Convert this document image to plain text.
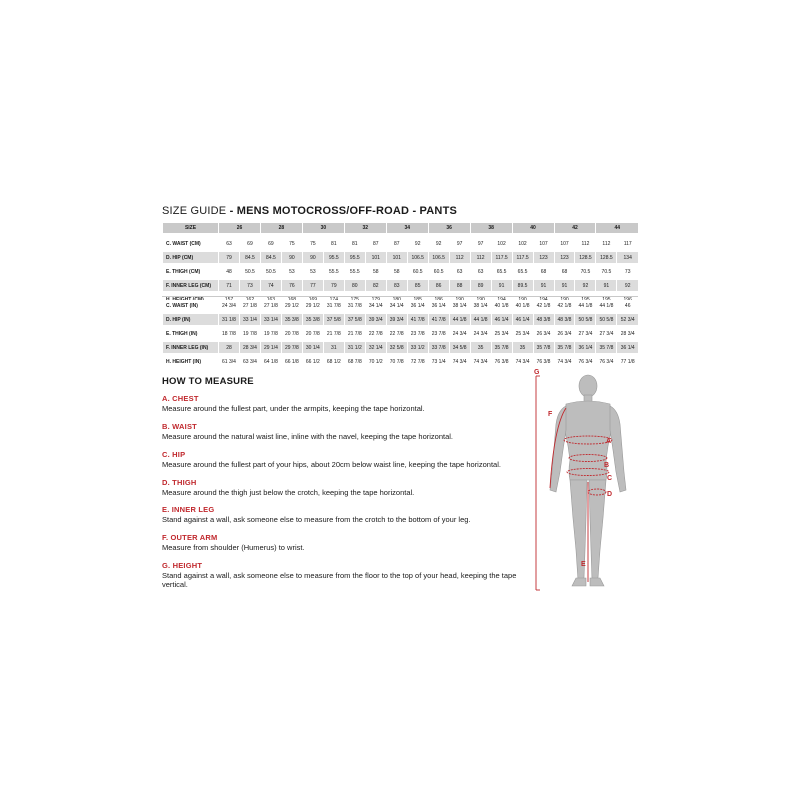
SIZE GUIDE - MENS MOTOCROSS/OFF-ROAD - PANTS
SIZE	26	28	30	32	34	36	38	40	42	44
C. WAIST (CM)	63	69	69	75	75	81	81	87	87	92	92	97	97	102	102	107	107	112	112	117

D. HIP (CM)	79	84.5	84.5	90	90	95.5	95.5	101	101	106.5	106.5	112	112	117.5	117.5	123	123	128.5	128.5	134

E. THIGH (CM)	48	50.5	50.5	53	53	55.5	55.5	58	58	60.5	60.5	63	63	65.5	65.5	68	68	70.5	70.5	73

F. INNER LEG (CM)	71	73	74	76	77	79	80	82	83	85	86	88	89	91	89.5	91	91	92	91	92

C. WAIST (IN)	24 3/4	27 1/8	27 1/8	29 1/2	29 1/2	31 7/8	31 7/8	34 1/4	34 1/4	36 1/4	36 1/4	38 1/4	38 1/4	40 1/8	40 1/8	42 1/8	42 1/8	44 1/8	44 1/8	46

D. HIP (IN)	31 1/8	33 1/4	33 1/4	35 3/8	35 3/8	37 5/8	37 5/8	39 3/4	39 3/4	41 7/8	41 7/8	44 1/8	44 1/8	46 1/4	46 1/4	48 3/8	48 3/8	50 5/8	50 5/8	52 3/4

E. THIGH (IN)	18 7/8	19 7/8	19 7/8	20 7/8	20 7/8	21 7/8	21 7/8	22 7/8	22 7/8	23 7/8	23 7/8	24 3/4	24 3/4	25 3/4	25 3/4	26 3/4	26 3/4	27 3/4	27 3/4	28 3/4

F. INNER LEG (IN)	28	28 3/4	29 1/4	29 7/8	30 1/4	31	31 1/2	32 1/4	32 5/8	33 1/2	33 7/8	34 5/8	35	35 7/8	35	35 7/8	35 7/8	36 1/4	35 7/8	36 1/4

H. HEIGHT (IN)	61 3/4	63 3/4	64 1/8	66 1/8	66 1/2	68 1/2	68 7/8	70 1/2	70 7/8	72 7/8	73 1/4	74 3/4	74 3/4	76 3/8	74 3/4	76 3/8	74 3/4	76 3/4	76 3/4	77 1/8
HOW TO MEASURE
A. CHEST
Measure around the fullest part, under the armpits, keeping the tape horizontal.
B. WAIST
Measure around the natural waist line, inline with the navel, keeping the tape horizontal.
C. HIP
Measure around the fullest part of your hips, about 20cm below waist line, keeping the tape horizontal.
D. THIGH
Measure around the thigh just below the crotch, keeping the tape horizontal.
E. INNER LEG
Stand against a wall, ask someone else to measure from the crotch to the bottom of your leg.
F. OUTER ARM
Measure from shoulder (Humerus) to wrist.
G. HEIGHT
Stand against a wall, ask someone else to measure from the floor to the top of your head, keeping the tape vertical.
G
F
A
B
C
D
E
